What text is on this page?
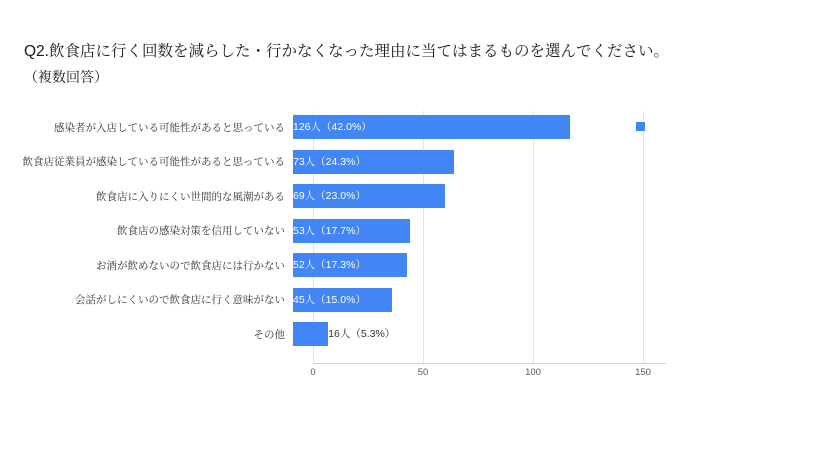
Q2.飲食店に行く回数を減らした・行かなくなった理由に当てはまるものを選んでください。
（複数回答）
感染者が入店している可能性があると思っている 126人（42.0%）
飲食店従業員が感染している可能性があると思っている 73人（24.3%）
飲食店に入りにくい世間的な風潮がある 69人（23.0%）
飲食店の感染対策を信用していない 53人（17.7%）
お酒が飲めないので飲食店には行かない 52人（17.3%）
会話がしにくいので飲食店に行く意味がない 45人（15.0%）
その他	16人（5.3%）
0	50	100	150
